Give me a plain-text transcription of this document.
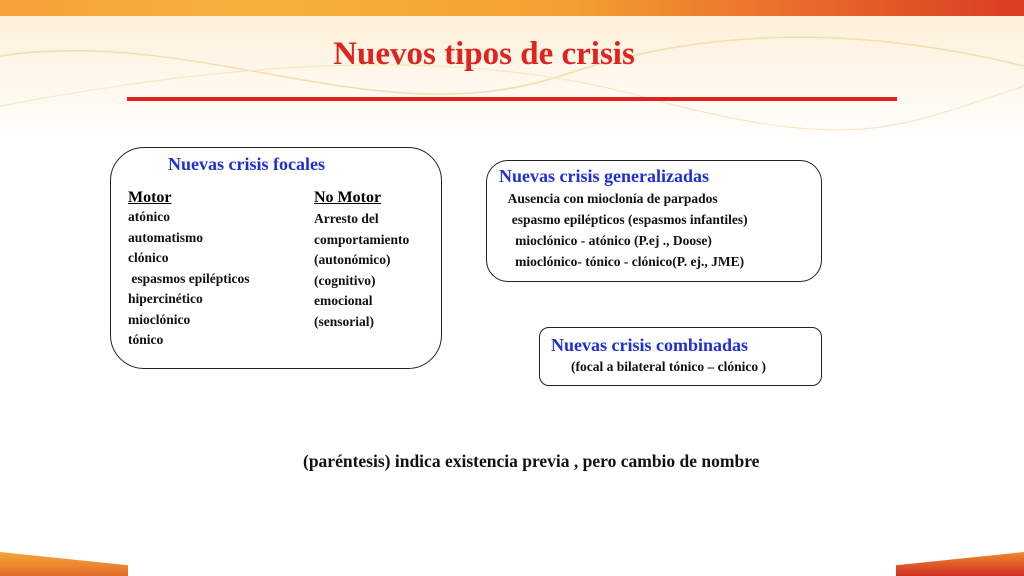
Nuevos tipos de crisis
Nuevas crisis focales
Motor
atónico
automatismo
clónico
espasmos epilépticos
hipercinético
mioclónico
tónico
No Motor
Arresto del
comportamiento
(autonómico)
(cognitivo)
emocional
(sensorial)
Nuevas crisis generalizadas
Ausencia con mioclonía de parpados
espasmo epilépticos (espasmos infantiles)
mioclónico - atónico (P.ej ., Doose)
mioclónico- tónico - clónico(P. ej., JME)
Nuevas crisis combinadas
(focal a bilateral tónico – clónico )
(paréntesis) indica existencia previa , pero cambio de nombre
